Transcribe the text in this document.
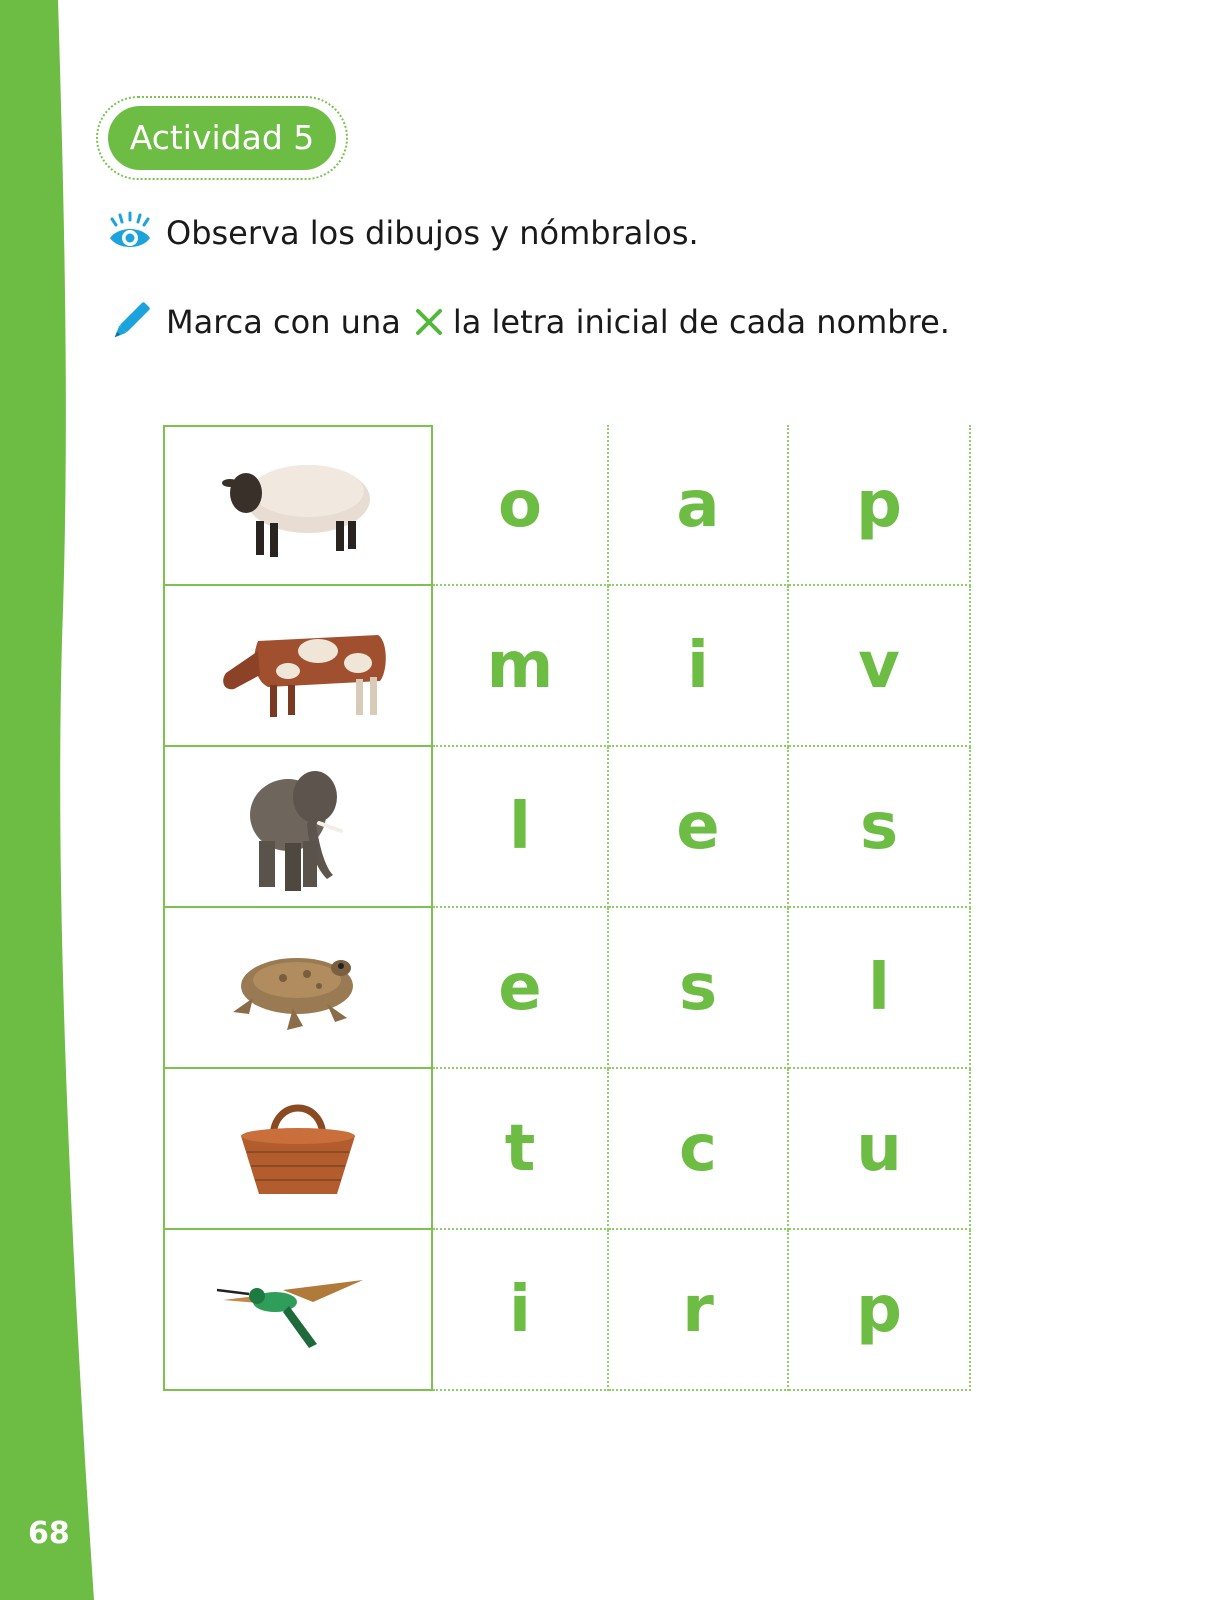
68
Actividad 5
Observa los dibujos y nómbralos.
Marca con una la letra inicial de cada nombre.
o	a	p
m	i	v
l	e	s
e	s	l
t	c	u
i	r	p
